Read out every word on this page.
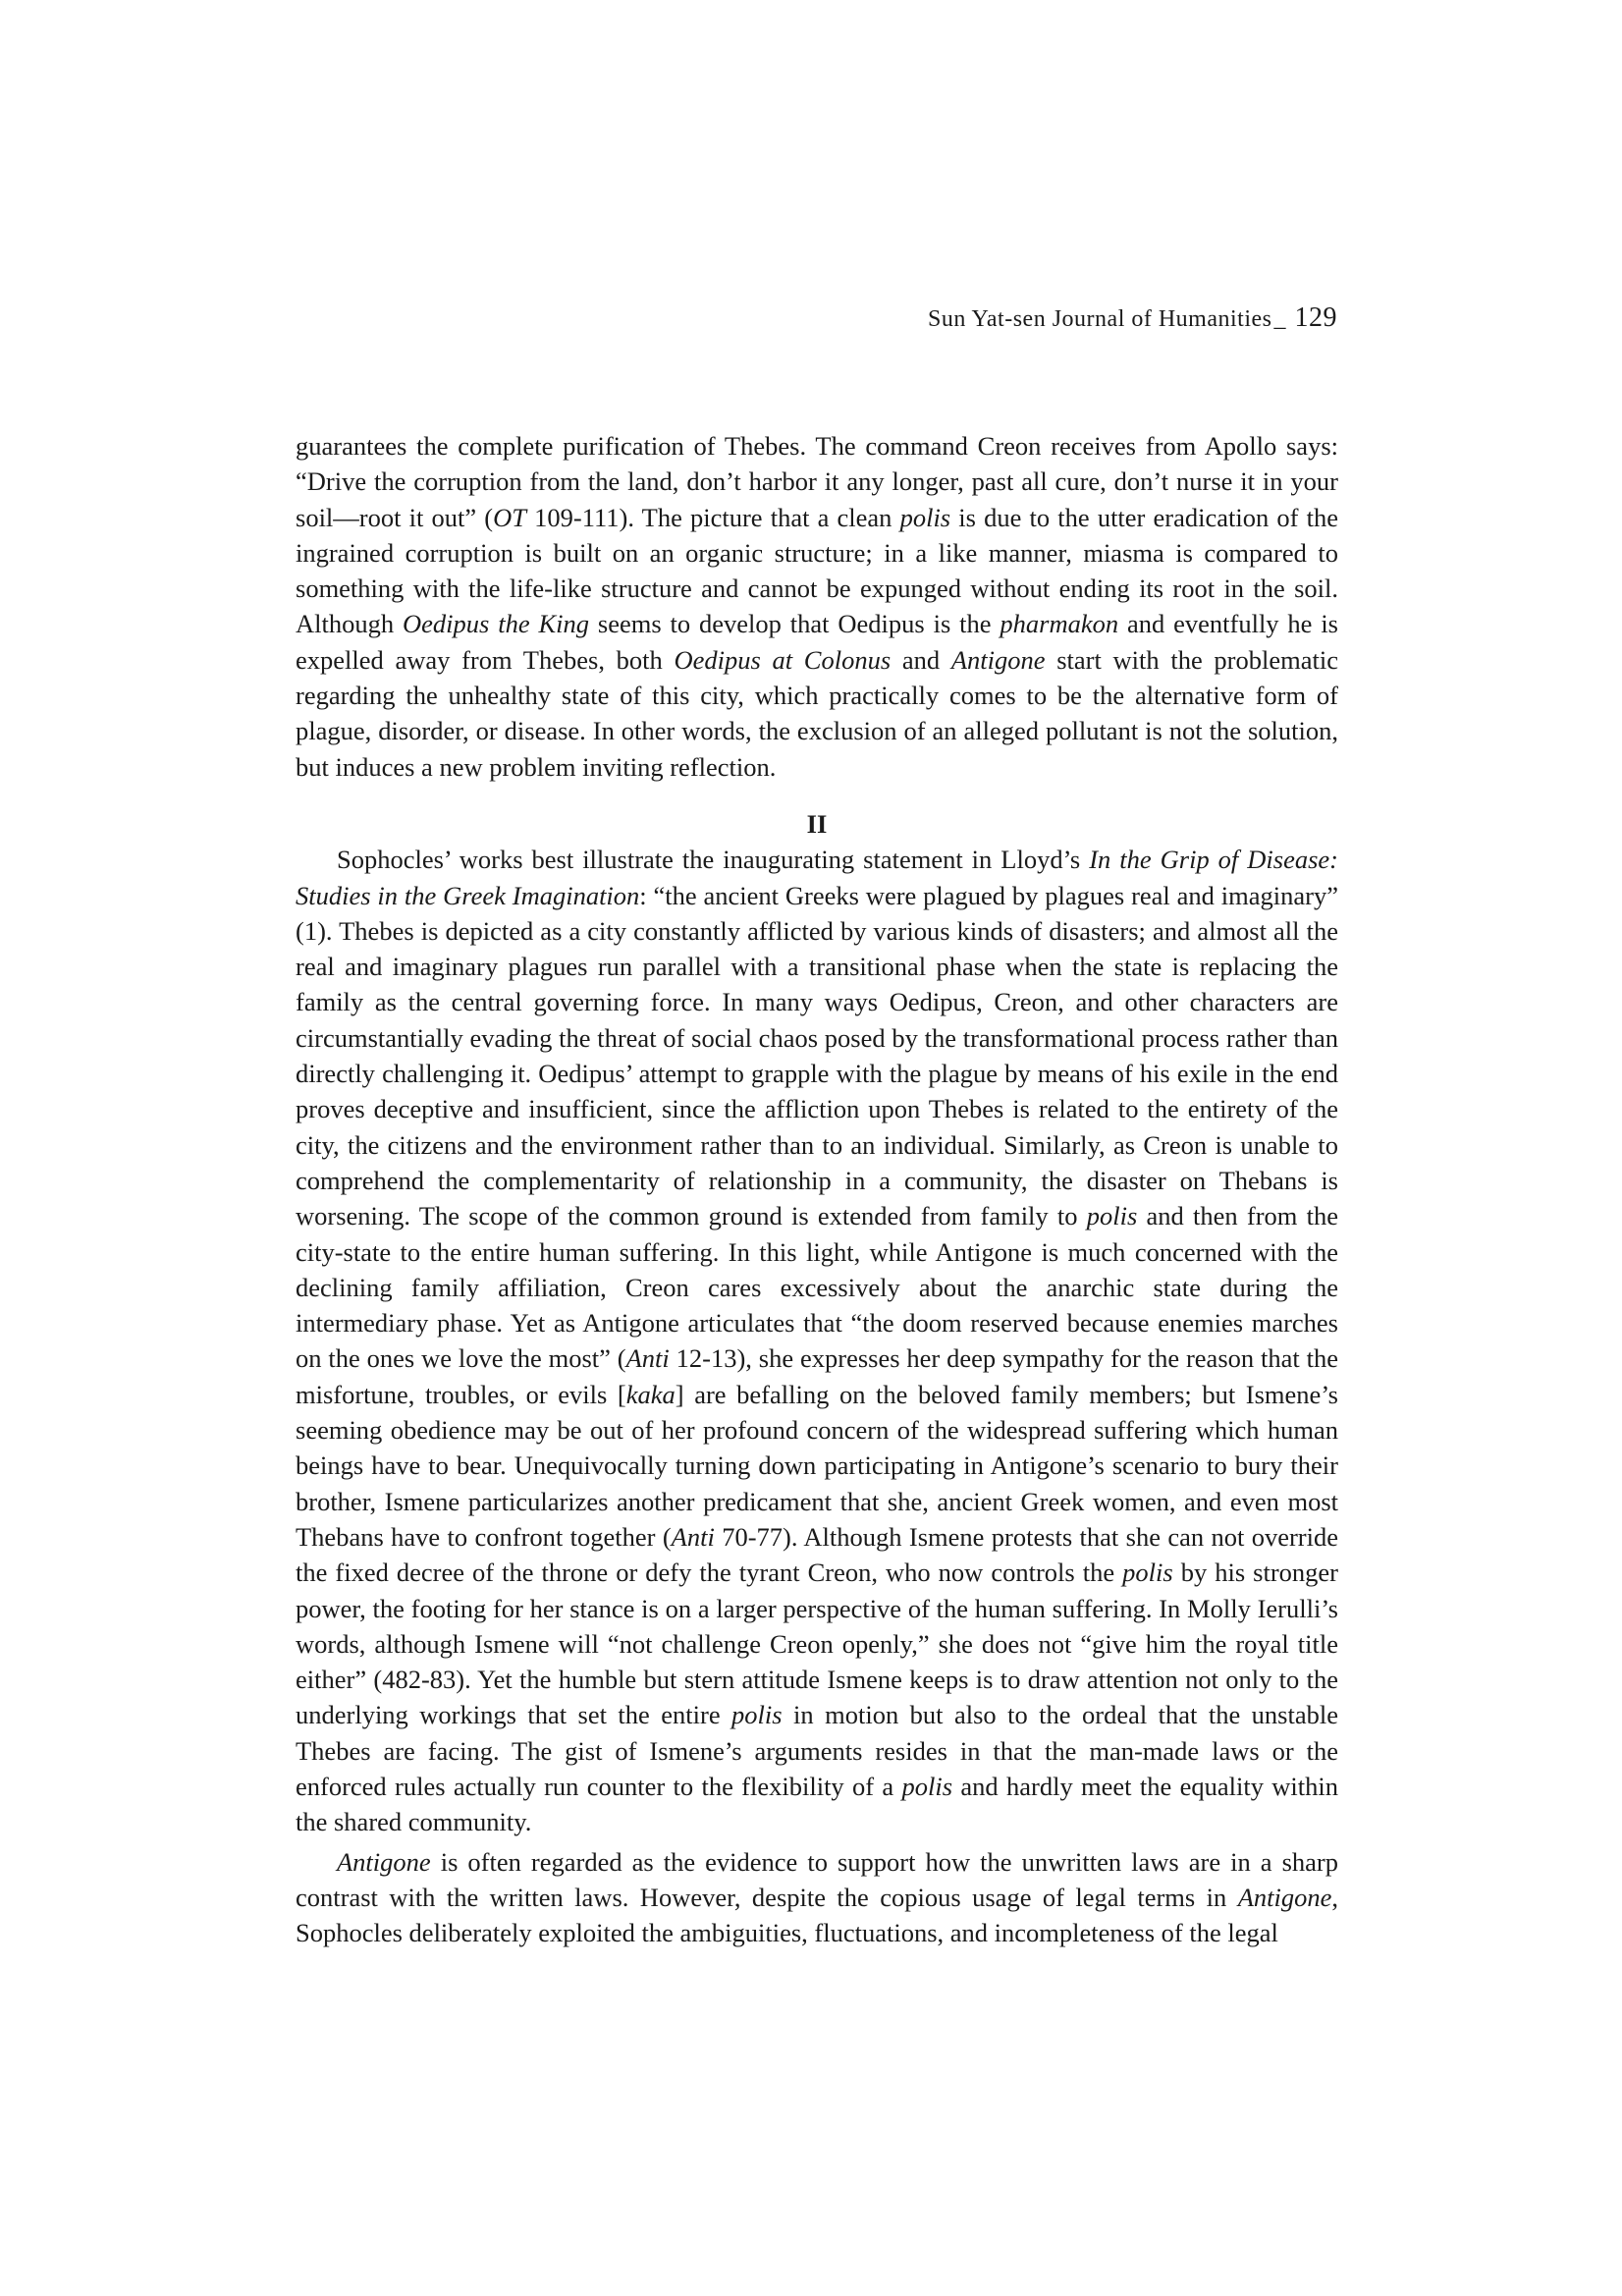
Sun Yat-sen Journal of Humanities_ 129

guarantees the complete purification of Thebes. The command Creon receives from Apollo says: “Drive the corruption from the land, don’t harbor it any longer, past all cure, don’t nurse it in your soil—root it out” (OT 109-111). The picture that a clean polis is due to the utter eradication of the ingrained corruption is built on an organic structure; in a like manner, miasma is compared to something with the life-like structure and cannot be expunged without ending its root in the soil. Although Oedipus the King seems to develop that Oedipus is the pharmakon and eventfully he is expelled away from Thebes, both Oedipus at Colonus and Antigone start with the problematic regarding the unhealthy state of this city, which practically comes to be the alternative form of plague, disorder, or disease. In other words, the exclusion of an alleged pollutant is not the solution, but induces a new problem inviting reflection.

II

Sophocles’ works best illustrate the inaugurating statement in Lloyd’s In the Grip of Disease: Studies in the Greek Imagination: “the ancient Greeks were plagued by plagues real and imaginary” (1). Thebes is depicted as a city constantly afflicted by various kinds of disasters; and almost all the real and imaginary plagues run parallel with a transitional phase when the state is replacing the family as the central governing force. In many ways Oedipus, Creon, and other characters are circumstantially evading the threat of social chaos posed by the transformational process rather than directly challenging it. Oedipus’ attempt to grapple with the plague by means of his exile in the end proves deceptive and insufficient, since the affliction upon Thebes is related to the entirety of the city, the citizens and the environment rather than to an individual. Similarly, as Creon is unable to comprehend the complementarity of relationship in a community, the disaster on Thebans is worsening. The scope of the common ground is extended from family to polis and then from the city-state to the entire human suffering. In this light, while Antigone is much concerned with the declining family affiliation, Creon cares excessively about the anarchic state during the intermediary phase. Yet as Antigone articulates that “the doom reserved because enemies marches on the ones we love the most” (Anti 12-13), she expresses her deep sympathy for the reason that the misfortune, troubles, or evils [kaka] are befalling on the beloved family members; but Ismene’s seeming obedience may be out of her profound concern of the widespread suffering which human beings have to bear. Unequivocally turning down participating in Antigone’s scenario to bury their brother, Ismene particularizes another predicament that she, ancient Greek women, and even most Thebans have to confront together (Anti 70-77). Although Ismene protests that she can not override the fixed decree of the throne or defy the tyrant Creon, who now controls the polis by his stronger power, the footing for her stance is on a larger perspective of the human suffering. In Molly Ierulli’s words, although Ismene will “not challenge Creon openly,” she does not “give him the royal title either” (482-83). Yet the humble but stern attitude Ismene keeps is to draw attention not only to the underlying workings that set the entire polis in motion but also to the ordeal that the unstable Thebes are facing. The gist of Ismene’s arguments resides in that the man-made laws or the enforced rules actually run counter to the flexibility of a polis and hardly meet the equality within the shared community.

Antigone is often regarded as the evidence to support how the unwritten laws are in a sharp contrast with the written laws. However, despite the copious usage of legal terms in Antigone, Sophocles deliberately exploited the ambiguities, fluctuations, and incompleteness of the legal
